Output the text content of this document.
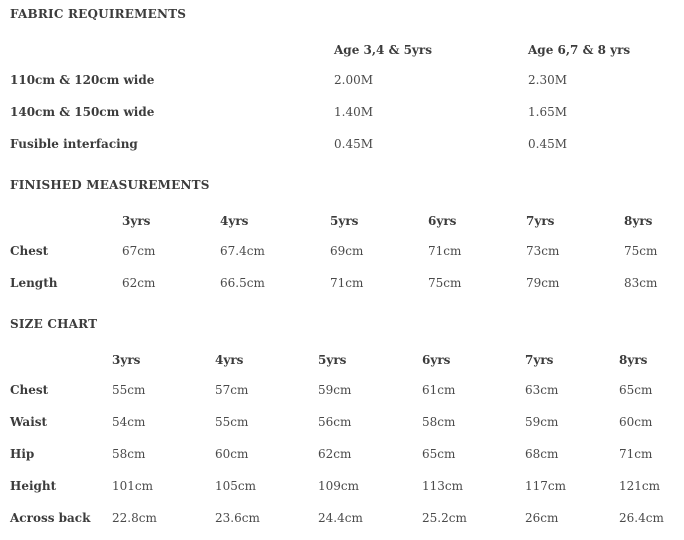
FABRIC REQUIREMENTS
Age 3,4 & 5yrs	Age 6,7 & 8 yrs
110cm & 120cm wide	2.00M	2.30M
140cm & 150cm wide	1.40M	1.65M
Fusible interfacing	0.45M	0.45M
FINISHED MEASUREMENTS
3yrs	4yrs	5yrs	6yrs	7yrs	8yrs
Chest	67cm	67.4cm	69cm	71cm	73cm	75cm
Length	62cm	66.5cm	71cm	75cm	79cm	83cm
SIZE CHART
3yrs	4yrs	5yrs	6yrs	7yrs	8yrs
Chest	55cm	57cm	59cm	61cm	63cm	65cm
Waist	54cm	55cm	56cm	58cm	59cm	60cm
Hip	58cm	60cm	62cm	65cm	68cm	71cm
Height	101cm	105cm	109cm	113cm	117cm	121cm
Across back 22.8cm	23.6cm	24.4cm	25.2cm	26cm	26.4cm
